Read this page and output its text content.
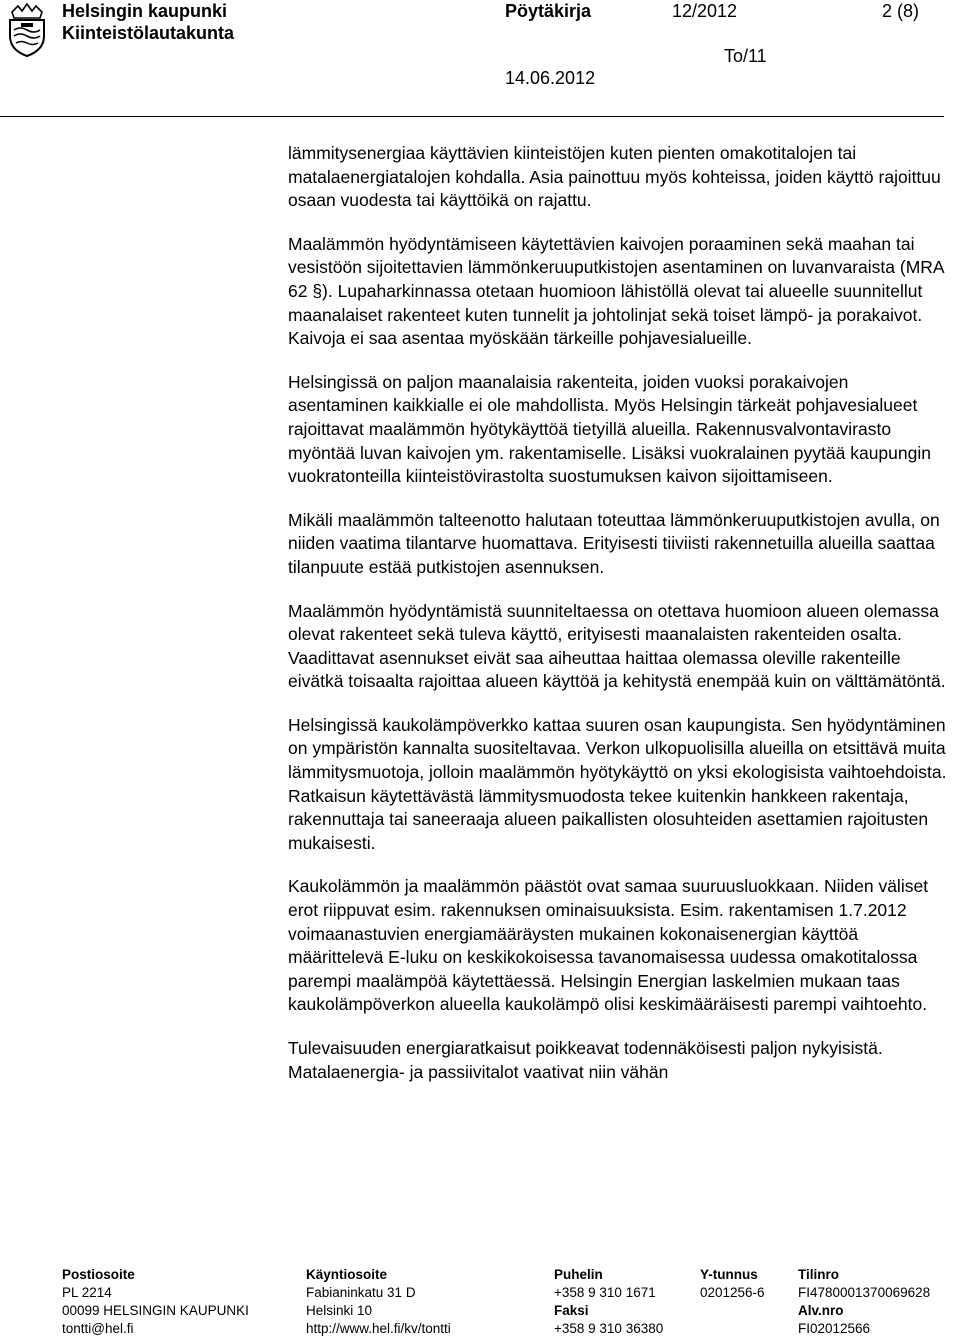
Helsingin kaupunki
Kiinteistölautakunta
Pöytäkirja	12/2012	2 (8)
To/11
14.06.2012

lämmitysenergiaa käyttävien kiinteistöjen kuten pienten omakotitalojen tai matalaenergiatalojen kohdalla. Asia painottuu myös kohteissa, joiden käyttö rajoittuu osaan vuodesta tai käyttöikä on rajattu.

Maalämmön hyödyntämiseen käytettävien kaivojen poraaminen sekä maahan tai vesistöön sijoitettavien lämmönkeruuputkistojen asentaminen on luvanvaraista (MRA 62 §). Lupaharkinnassa otetaan huomioon lähistöllä olevat tai alueelle suunnitellut maanalaiset rakenteet kuten tunnelit ja johtolinjat sekä toiset lämpö- ja porakaivot. Kaivoja ei saa asentaa myöskään tärkeille pohjavesialueille.

Helsingissä on paljon maanalaisia rakenteita, joiden vuoksi porakaivojen asentaminen kaikkialle ei ole mahdollista. Myös Helsingin tärkeät pohjavesialueet rajoittavat maalämmön hyötykäyttöä tietyillä alueilla. Rakennusvalvontavirasto myöntää luvan kaivojen ym. rakentamiselle. Lisäksi vuokralainen pyytää kaupungin vuokratonteilla kiinteistövirastolta suostumuksen kaivon sijoittamiseen.

Mikäli maalämmön talteenotto halutaan toteuttaa lämmönkeruuputkistojen avulla, on niiden vaatima tilantarve huomattava. Erityisesti tiiviisti rakennetuilla alueilla saattaa tilanpuute estää putkistojen asennuksen.

Maalämmön hyödyntämistä suunniteltaessa on otettava huomioon alueen olemassa olevat rakenteet sekä tuleva käyttö, erityisesti maanalaisten rakenteiden osalta. Vaadittavat asennukset eivät saa aiheuttaa haittaa olemassa oleville rakenteille eivätkä toisaalta rajoittaa alueen käyttöä ja kehitystä enempää kuin on välttämätöntä.

Helsingissä kaukolämpöverkko kattaa suuren osan kaupungista. Sen hyödyntäminen on ympäristön kannalta suositeltavaa. Verkon ulkopuolisilla alueilla on etsittävä muita lämmitysmuotoja, jolloin maalämmön hyötykäyttö on yksi ekologisista vaihtoehdoista. Ratkaisun käytettävästä lämmitysmuodosta tekee kuitenkin hankkeen rakentaja, rakennuttaja tai saneeraaja alueen paikallisten olosuhteiden asettamien rajoitusten mukaisesti.

Kaukolämmön ja maalämmön päästöt ovat samaa suuruusluokkaan. Niiden väliset erot riippuvat esim. rakennuksen ominaisuuksista. Esim. rakentamisen 1.7.2012 voimaanastuvien energiamääräysten mukainen kokonaisenergian käyttöä määrittelevä E-luku on keskikokoisessa tavanomaisessa uudessa omakotitalossa parempi maalämpöä käytettäessä. Helsingin Energian laskelmien mukaan taas kaukolämpöverkon alueella kaukolämpö olisi keskimääräisesti parempi vaihtoehto.

Tulevaisuuden energiaratkaisut poikkeavat todennäköisesti paljon nykyisistä. Matalaenergia- ja passiivitalot vaativat niin vähän

Postiosoite
PL 2214
00099 HELSINGIN KAUPUNKI
tontti@hel.fi
Käyntiosoite
Fabianinkatu 31 D
Helsinki 10
http://www.hel.fi/kv/tontti
Puhelin
+358 9 310 1671
Faksi
+358 9 310 36380
Y-tunnus
0201256-6
Tilinro
FI4780001370069628
Alv.nro
FI02012566
